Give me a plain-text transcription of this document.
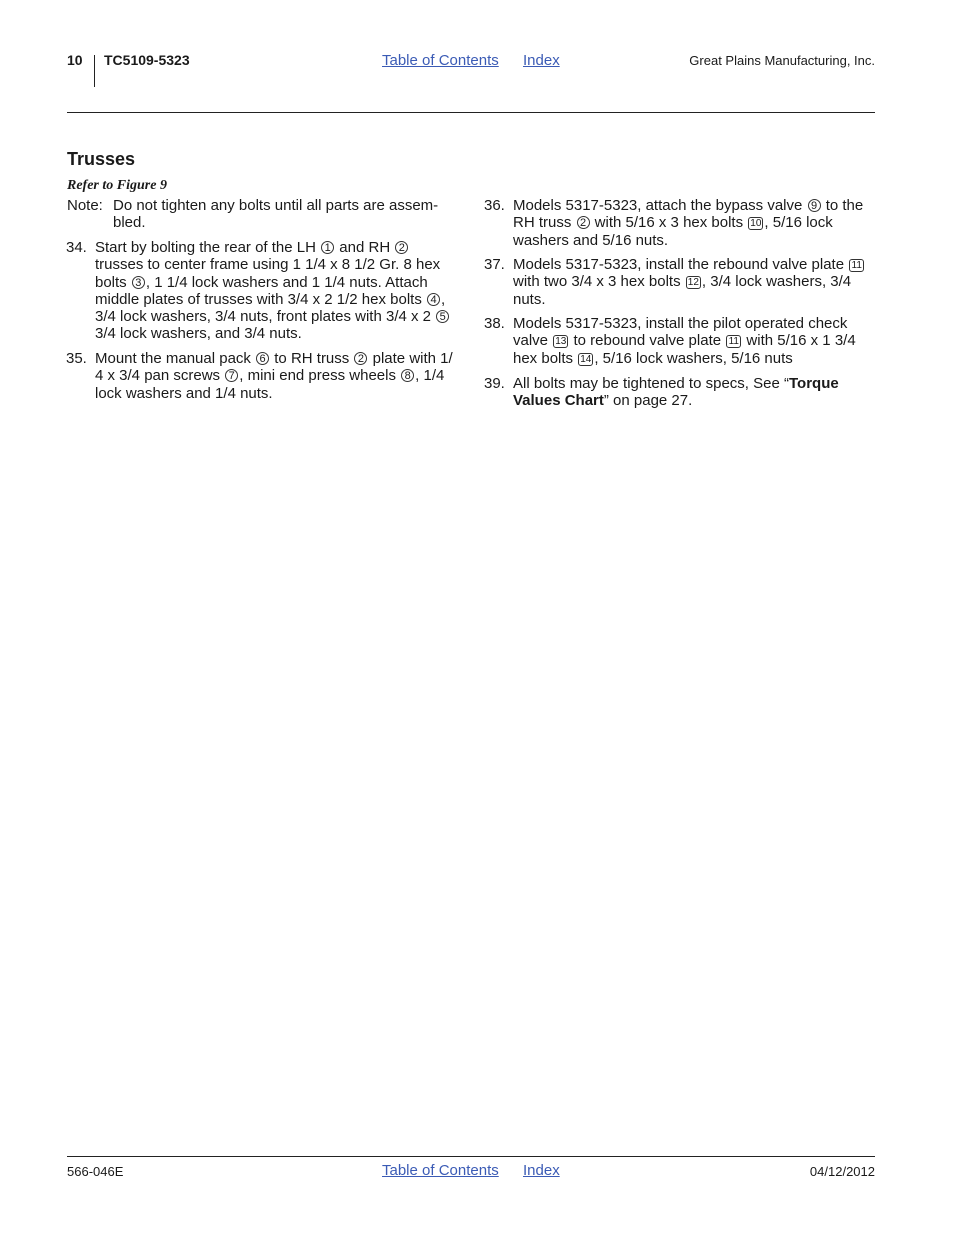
10 TC5109-5323	Table of Contents Index	Great Plains Manufacturing, Inc.
Trusses
Refer to Figure 9
Note: Do not tighten any bolts until all parts are assem-
bled.
34. Start by bolting the rear of the LH 1 and RH 2
trusses to center frame using 1 1/4 x 8 1/2 Gr. 8 hex
bolts 3 , 1 1/4 lock washers and 1 1/4 nuts. Attach
middle plates of trusses with 3/4 x 2 1/2 hex bolts 4 ,
3/4 lock washers, 3/4 nuts, front plates with 3/4 x 2 5
3/4 lock washers, and 3/4 nuts.
35. Mount the manual pack 6 to RH truss 2 plate with 1/
4 x 3/4 pan screws 7 , mini end press wheels 8 , 1/4
lock washers and 1/4 nuts.
36. Models 5317-5323, attach the bypass valve 9 to the
RH truss 2 with 5/16 x 3 hex bolts 10 , 5/16 lock
washers and 5/16 nuts.
37. Models 5317-5323, install the rebound valve plate 11
with two 3/4 x 3 hex bolts 12 , 3/4 lock washers, 3/4
nuts.
38. Models 5317-5323, install the pilot operated check
valve 13 to rebound valve plate 11 with 5/16 x 1 3/4
hex bolts 14 , 5/16 lock washers, 5/16 nuts
39. All bolts may be tightened to specs, See “Torque
Values Chart” on page 27.
566-046E	Table of Contents Index	04/12/2012
